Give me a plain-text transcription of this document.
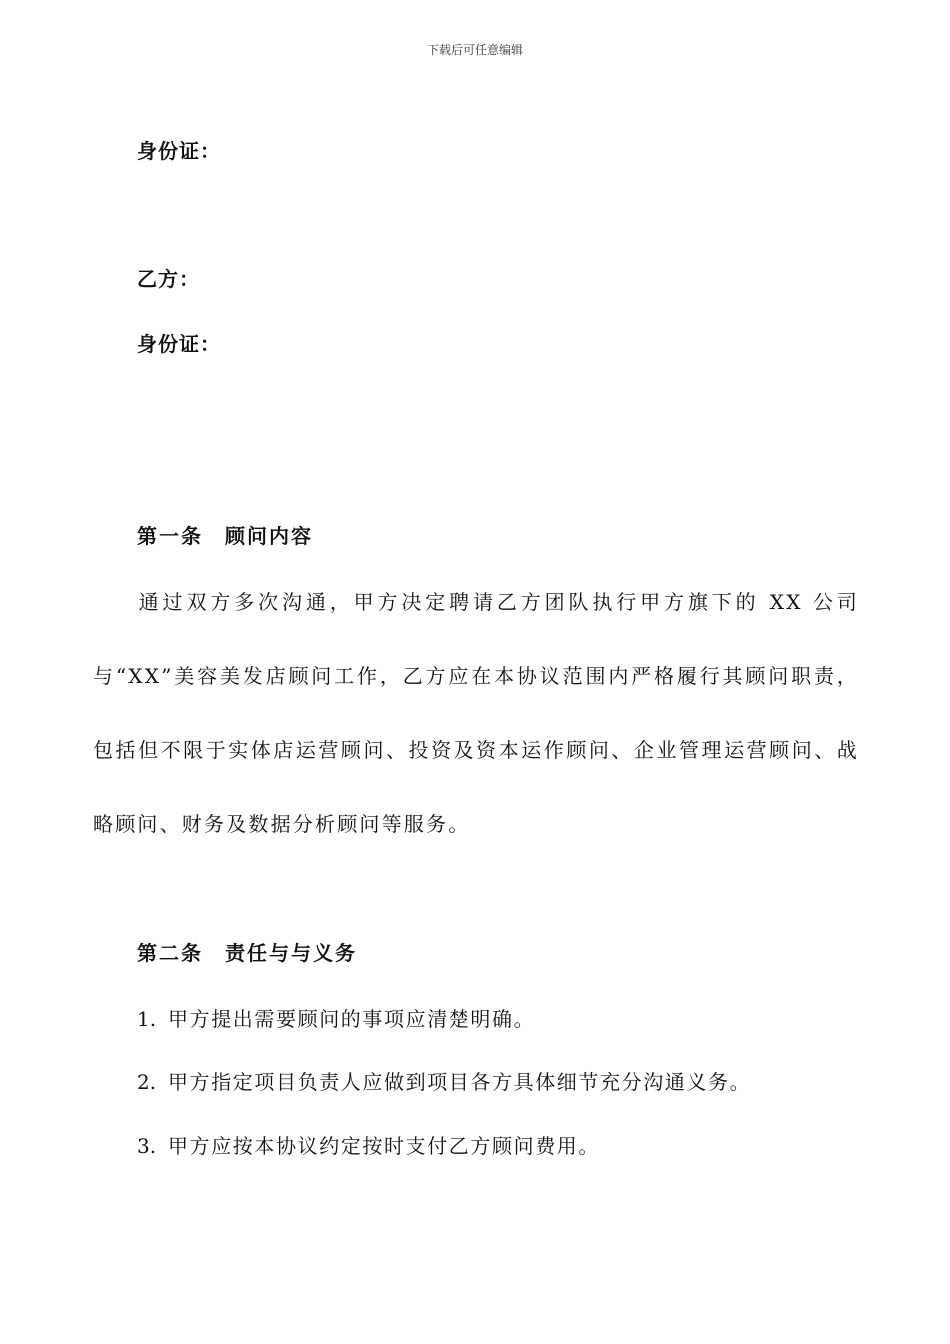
下载后可任意编辑
身份证：
乙方：
身份证：
第一条 顾问内容
通过双方多次沟通，甲方决定聘请乙方团队执行甲方旗下的 XX 公司与“XX”美容美发店顾问工作，乙方应在本协议范围内严格履行其顾问职责，包括但不限于实体店运营顾问、投资及资本运作顾问、企业管理运营顾问、战略顾问、财务及数据分析顾问等服务。
第二条 责任与与义务
1. 甲方提出需要顾问的事项应清楚明确。
2. 甲方指定项目负责人应做到项目各方具体细节充分沟通义务。
3. 甲方应按本协议约定按时支付乙方顾问费用。
